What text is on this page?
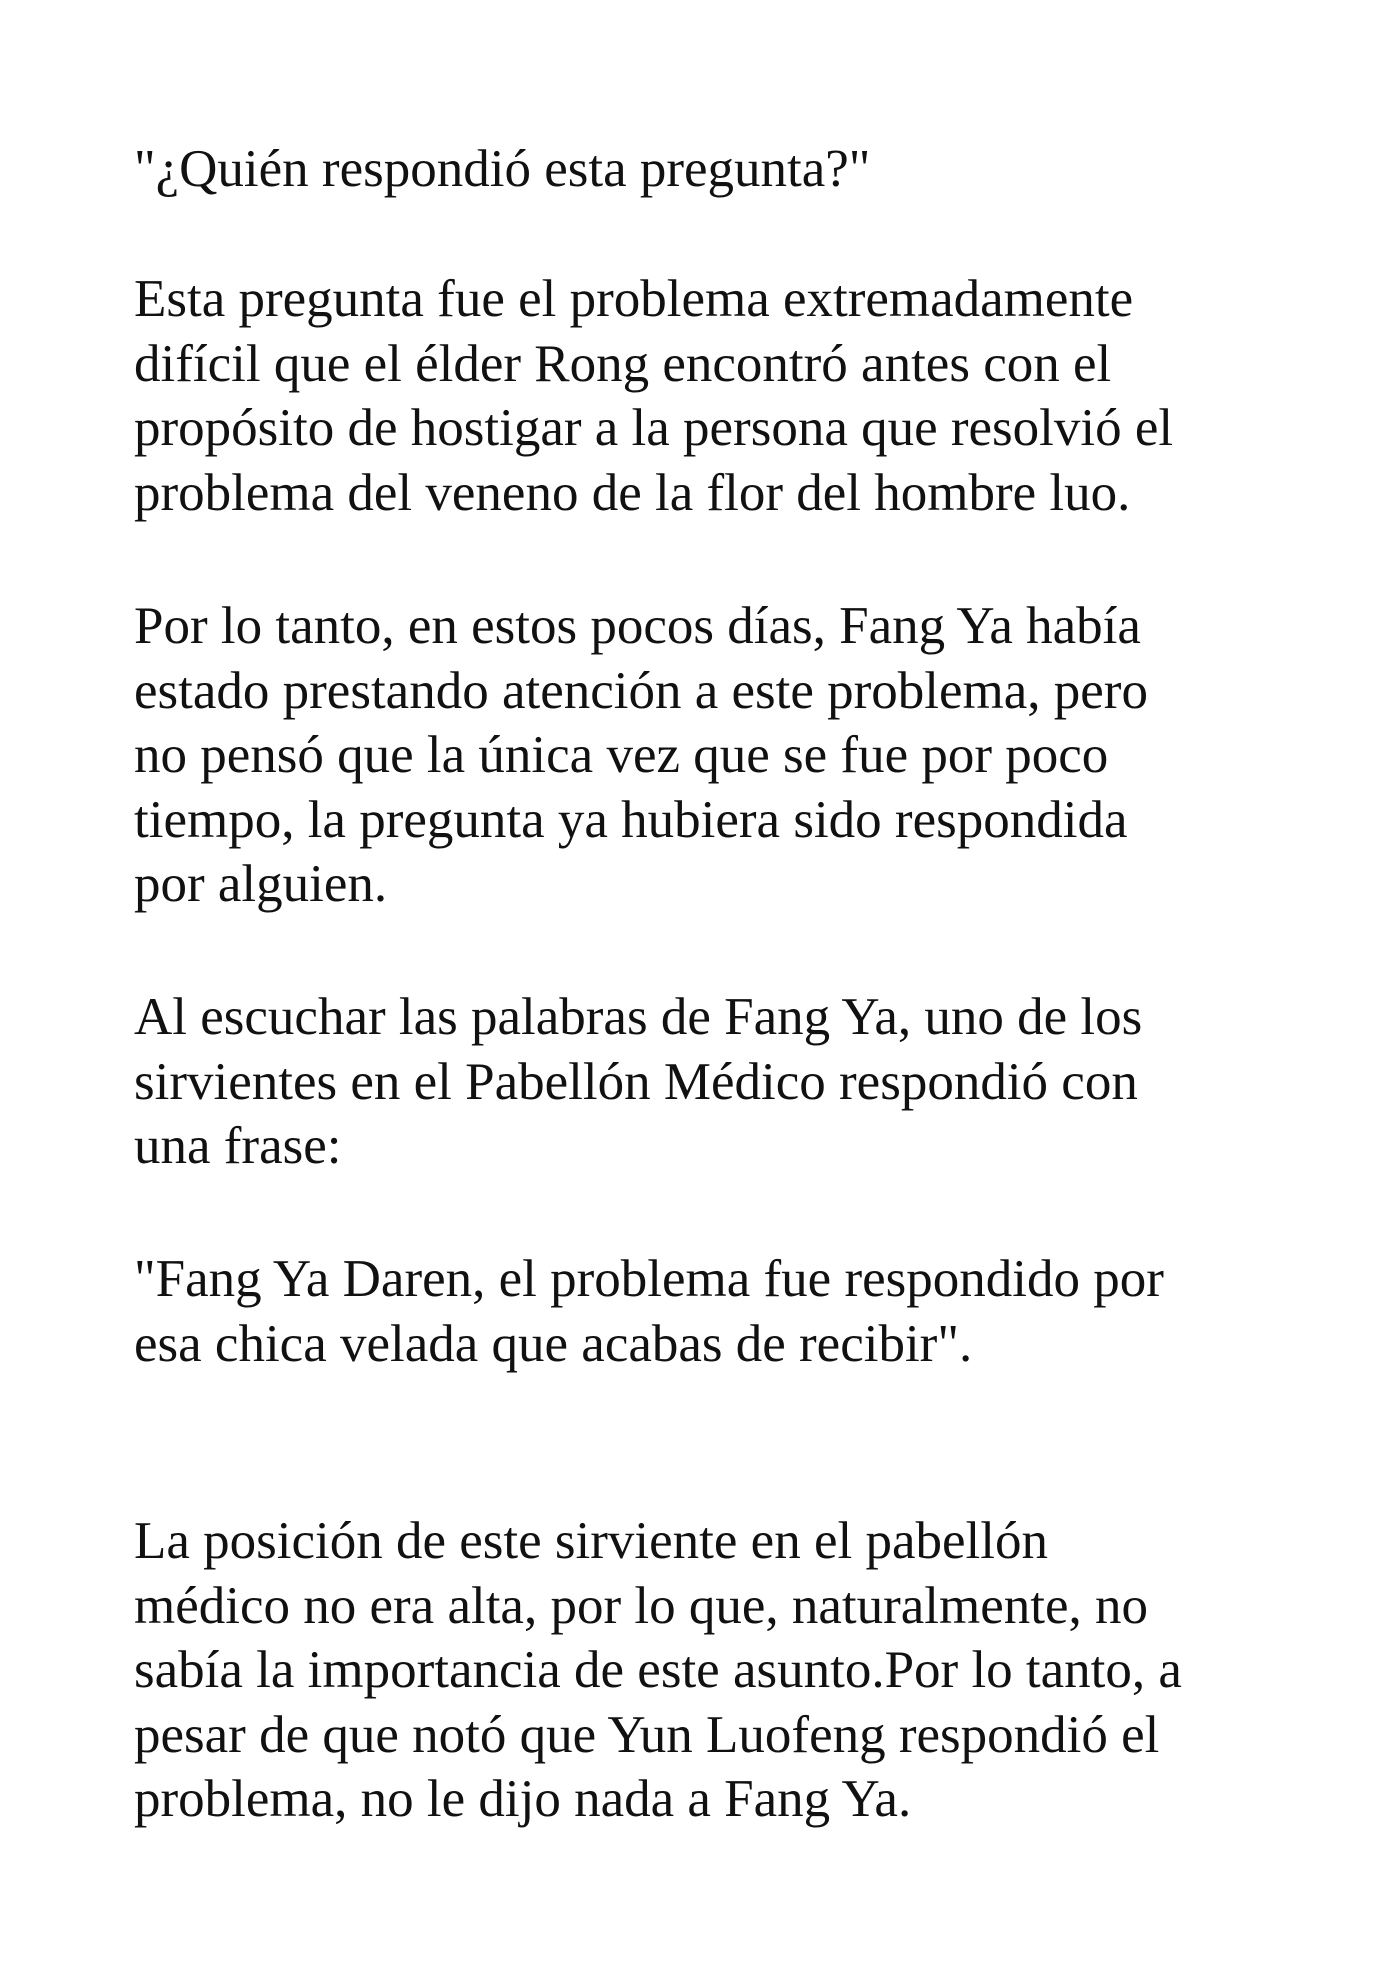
"¿Quién respondió esta pregunta?"

Esta pregunta fue el problema extremadamente
difícil que el élder Rong encontró antes con el
propósito de hostigar a la persona que resolvió el
problema del veneno de la flor del hombre luo.

Por lo tanto, en estos pocos días, Fang Ya había
estado prestando atención a este problema, pero
no pensó que la única vez que se fue por poco
tiempo, la pregunta ya hubiera sido respondida
por alguien.

Al escuchar las palabras de Fang Ya, uno de los
sirvientes en el Pabellón Médico respondió con
una frase:

"Fang Ya Daren, el problema fue respondido por
esa chica velada que acabas de recibir".

La posición de este sirviente en el pabellón
médico no era alta, por lo que, naturalmente, no
sabía la importancia de este asunto.Por lo tanto, a
pesar de que notó que Yun Luofeng respondió el
problema, no le dijo nada a Fang Ya.
